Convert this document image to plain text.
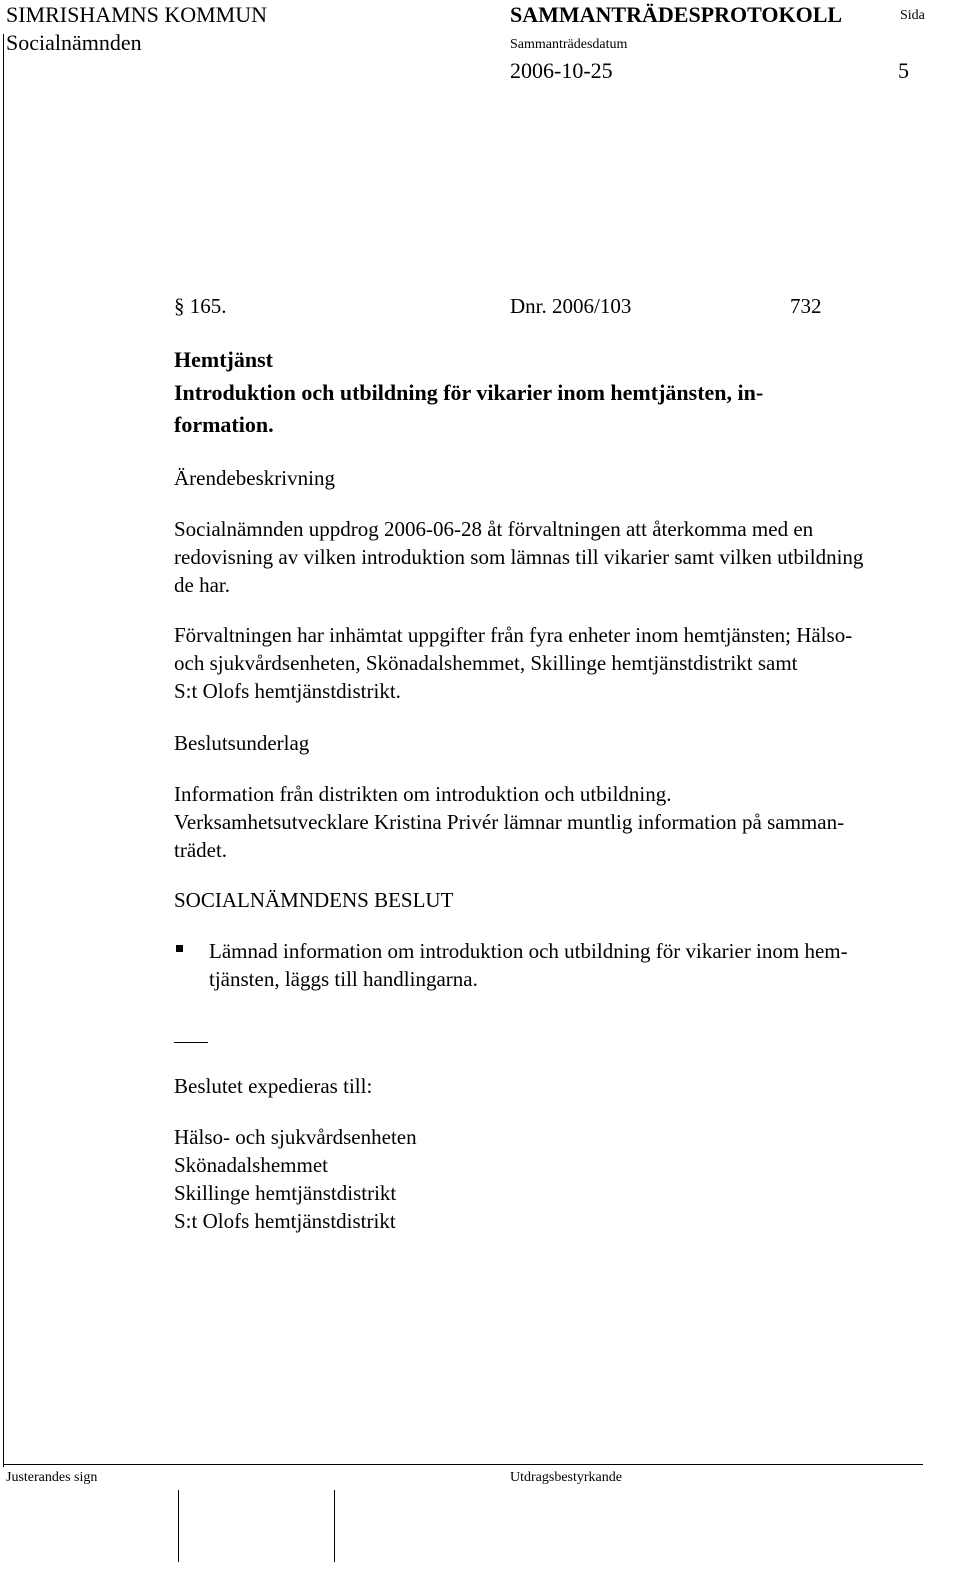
SIMRISHAMNS KOMMUN
Socialnämnden
SAMMANTRÄDESPROTOKOLL
Sammanträdesdatum
Sida
2006-10-25	5
§ 165.	Dnr. 2006/103	732
Hemtjänst
Introduktion och utbildning för vikarier inom hemtjänsten, in-
formation.
Ärendebeskrivning
Socialnämnden uppdrog 2006-06-28 åt förvaltningen att återkomma med en
redovisning av vilken introduktion som lämnas till vikarier samt vilken utbildning
de har.
Förvaltningen har inhämtat uppgifter från fyra enheter inom hemtjänsten; Hälso-
och sjukvårdsenheten, Skönadalshemmet, Skillinge hemtjänstdistrikt samt
S:t Olofs hemtjänstdistrikt.
Beslutsunderlag
Information från distrikten om introduktion och utbildning.
Verksamhetsutvecklare Kristina Privér lämnar muntlig information på samman-
trädet.
SOCIALNÄMNDENS BESLUT
Lämnad information om introduktion och utbildning för vikarier inom hem-
tjänsten, läggs till handlingarna.
Beslutet expedieras till:
Hälso- och sjukvårdsenheten
Skönadalshemmet
Skillinge hemtjänstdistrikt
S:t Olofs hemtjänstdistrikt
Justerandes sign	Utdragsbestyrkande
